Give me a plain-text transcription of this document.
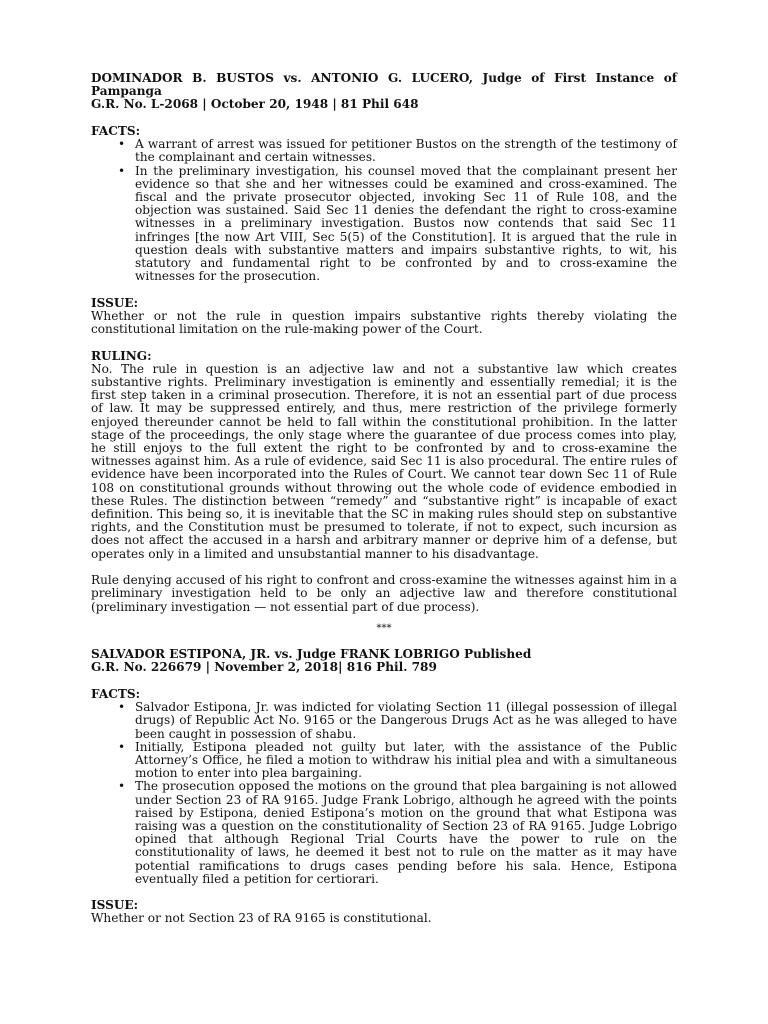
DOMINADOR B. BUSTOS vs. ANTONIO G. LUCERO, Judge of First Instance of Pampanga
G.R. No. L-2068 | October 20, 1948 | 81 Phil 648
FACTS:
• A warrant of arrest was issued for petitioner Bustos on the strength of the testimony of the complainant and certain witnesses.
• In the preliminary investigation, his counsel moved that the complainant present her evidence so that she and her witnesses could be examined and cross-examined. The fiscal and the private prosecutor objected, invoking Sec 11 of Rule 108, and the objection was sustained. Said Sec 11 denies the defendant the right to cross-examine witnesses in a preliminary investigation. Bustos now contends that said Sec 11 infringes [the now Art VIII, Sec 5(5) of the Constitution]. It is argued that the rule in question deals with substantive matters and impairs substantive rights, to wit, his statutory and fundamental right to be confronted by and to cross-examine the witnesses for the prosecution.
ISSUE:

Whether or not the rule in question impairs substantive rights thereby violating the constitutional limitation on the rule-making power of the Court.

RULING:

No. The rule in question is an adjective law and not a substantive law which creates substantive rights. Preliminary investigation is eminently and essentially remedial; it is the first step taken in a criminal prosecution. Therefore, it is not an essential part of due process of law. It may be suppressed entirely, and thus, mere restriction of the privilege formerly enjoyed thereunder cannot be held to fall within the constitutional prohibition. In the latter stage of the proceedings, the only stage where the guarantee of due process comes into play, he still enjoys to the full extent the right to be confronted by and to cross-examine the witnesses against him. As a rule of evidence, said Sec 11 is also procedural. The entire rules of evidence have been incorporated into the Rules of Court. We cannot tear down Sec 11 of Rule 108 on constitutional grounds without throwing out the whole code of evidence embodied in these Rules. The distinction between “remedy” and “substantive right” is incapable of exact definition. This being so, it is inevitable that the SC in making rules should step on substantive rights, and the Constitution must be presumed to tolerate, if not to expect, such incursion as does not affect the accused in a harsh and arbitrary manner or deprive him of a defense, but operates only in a limited and unsubstantial manner to his disadvantage.

Rule denying accused of his right to confront and cross-examine the witnesses against him in a preliminary investigation held to be only an adjective law and therefore constitutional (preliminary investigation — not essential part of due process).

***
SALVADOR ESTIPONA, JR. vs. Judge FRANK LOBRIGO Published
G.R. No. 226679 | November 2, 2018| 816 Phil. 789
FACTS:
• Salvador Estipona, Jr. was indicted for violating Section 11 (illegal possession of illegal drugs) of Republic Act No. 9165 or the Dangerous Drugs Act as he was alleged to have been caught in possession of shabu.
• Initially, Estipona pleaded not guilty but later, with the assistance of the Public Attorney’s Office, he filed a motion to withdraw his initial plea and with a simultaneous motion to enter into plea bargaining.
• The prosecution opposed the motions on the ground that plea bargaining is not allowed under Section 23 of RA 9165. Judge Frank Lobrigo, although he agreed with the points raised by Estipona, denied Estipona’s motion on the ground that what Estipona was raising was a question on the constitutionality of Section 23 of RA 9165. Judge Lobrigo opined that although Regional Trial Courts have the power to rule on the constitutionality of laws, he deemed it best not to rule on the matter as it may have potential ramifications to drugs cases pending before his sala. Hence, Estipona eventually filed a petition for certiorari.
ISSUE:

Whether or not Section 23 of RA 9165 is constitutional.
